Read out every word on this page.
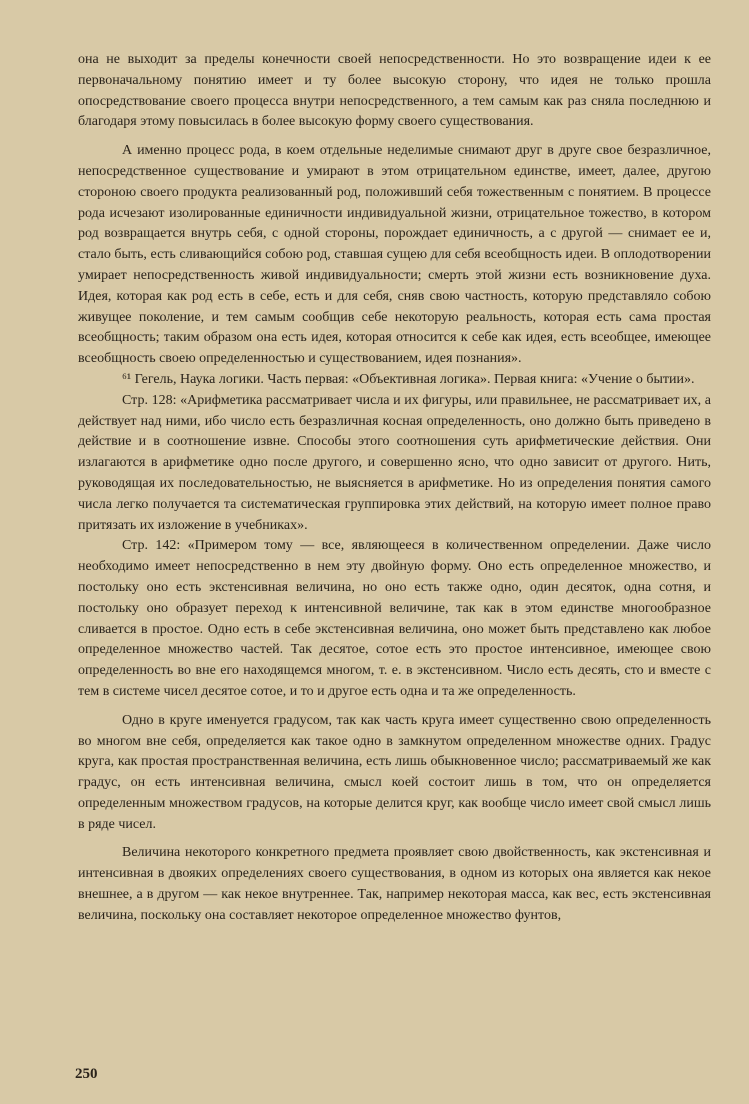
она не выходит за пределы конечности своей непосредственности. Но это возвращение идеи к ее первоначальному понятию имеет и ту более высокую сторону, что идея не только прошла опосредствование своего процесса внутри непосредственного, а тем самым как раз сняла последнюю и благодаря этому повысилась в более высокую форму своего существования.

А именно процесс рода, в коем отдельные неделимые снимают друг в друге свое безразличное, непосредственное существование и умирают в этом отрицательном единстве, имеет, далее, другою стороною своего продукта реализованный род, положивший себя тожественным с понятием. В процессе рода исчезают изолированные единичности индивидуальной жизни, отрицательное тожество, в котором род возвращается внутрь себя, с одной стороны, порождает единичность, а с другой — снимает ее и, стало быть, есть сливающийся собою род, ставшая сущею для себя всеобщность идеи. В оплодотворении умирает непосредственность живой индивидуальности; смерть этой жизни есть возникновение духа. Идея, которая как род есть в себе, есть и для себя, сняв свою частность, которую представляло собою живущее поколение, и тем самым сообщив себе некоторую реальность, которая есть сама простая всеобщность; таким образом она есть идея, которая относится к себе как идея, есть всеобщее, имеющее всеобщность своею определенностью и существованием, идея познания».

⁶¹ Гегель, Наука логики. Часть первая: «Объективная логика». Первая книга: «Учение о бытии».

Стр. 128: «Арифметика рассматривает числа и их фигуры, или правильнее, не рассматривает их, а действует над ними, ибо число есть безразличная косная определенность, оно должно быть приведено в действие и в соотношение извне. Способы этого соотношения суть арифметические действия. Они излагаются в арифметике одно после другого, и совершенно ясно, что одно зависит от другого. Нить, руководящая их последовательностью, не выясняется в арифметике. Но из определения понятия самого числа легко получается та систематическая группировка этих действий, на которую имеет полное право притязать их изложение в учебниках».

Стр. 142: «Примером тому — все, являющееся в количественном определении. Даже число необходимо имеет непосредственно в нем эту двойную форму. Оно есть определенное множество, и постольку оно есть экстенсивная величина, но оно есть также одно, один десяток, одна сотня, и постольку оно образует переход к интенсивной величине, так как в этом единстве многообразное сливается в простое. Одно есть в себе экстенсивная величина, оно может быть представлено как любое определенное множество частей. Так десятое, сотое есть это простое интенсивное, имеющее свою определенность во вне его находящемся многом, т. е. в экстенсивном. Число есть десять, сто и вместе с тем в системе чисел десятое сотое, и то и другое есть одна и та же определенность.

Одно в круге именуется градусом, так как часть круга имеет существенно свою определенность во многом вне себя, определяется как такое одно в замкнутом определенном множестве одних. Градус круга, как простая пространственная величина, есть лишь обыкновенное число; рассматриваемый же как градус, он есть интенсивная величина, смысл коей состоит лишь в том, что он определяется определенным множеством градусов, на которые делится круг, как вообще число имеет свой смысл лишь в ряде чисел.

Величина некоторого конкретного предмета проявляет свою двойственность, как экстенсивная и интенсивная в двояких определениях своего существования, в одном из которых она является как некое внешнее, а в другом — как некое внутреннее. Так, например некоторая масса, как вес, есть экстенсивная величина, поскольку она составляет некоторое определенное множество фунтов,

250
